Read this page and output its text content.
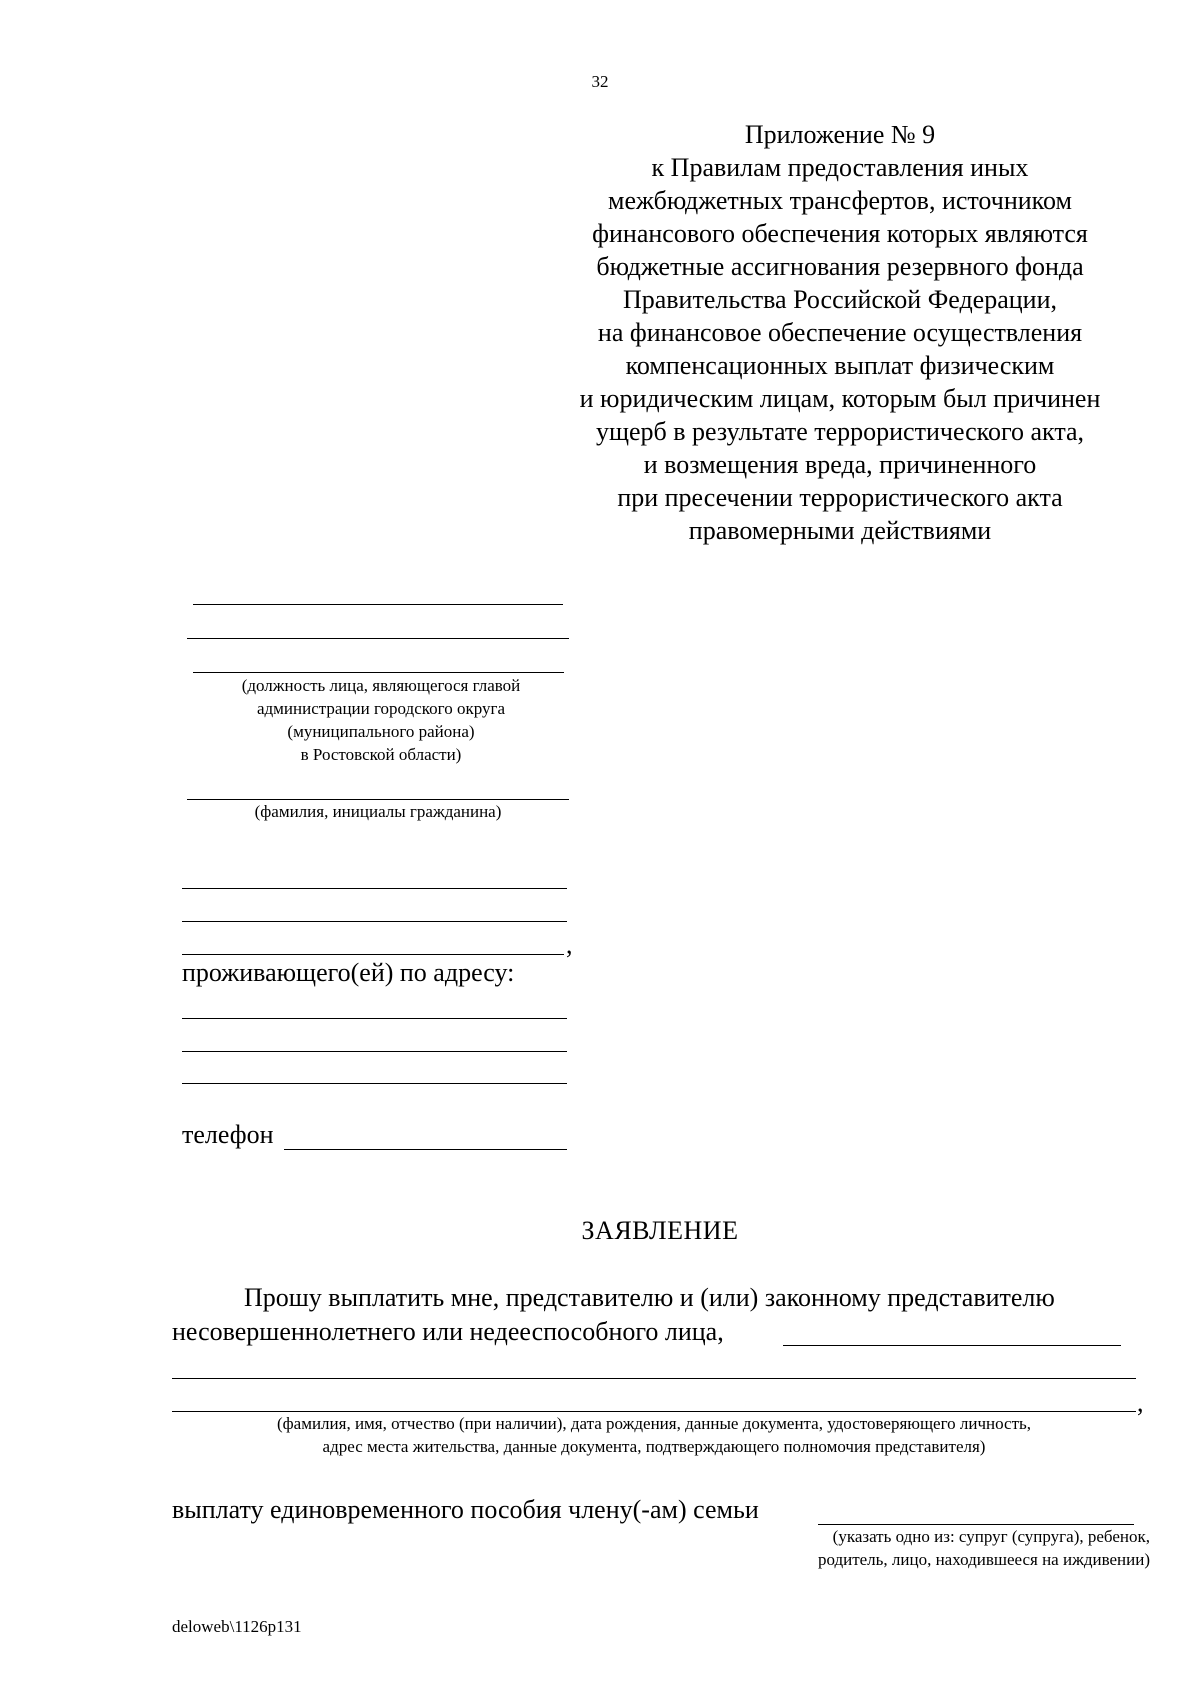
32
Приложение № 9
к Правилам предоставления иных
межбюджетных трансфертов, источником
финансового обеспечения которых являются
бюджетные ассигнования резервного фонда
Правительства Российской Федерации,
на финансовое обеспечение осуществления
компенсационных выплат физическим
и юридическим лицам, которым был причинен
ущерб в результате террористического акта,
и возмещения вреда, причиненного
при пресечении террористического акта
правомерными действиями
(должность лица, являющегося главой
администрации городского округа
(муниципального района)
в Ростовской области)
(фамилия, инициалы гражданина)
,
проживающего(ей) по адресу:
телефон
ЗАЯВЛЕНИЕ
Прошу выплатить мне, представителю и (или) законному представителю
несовершеннолетнего или недееспособного лица,
,
(фамилия, имя, отчество (при наличии), дата рождения, данные документа, удостоверяющего личность,
адрес места жительства, данные документа, подтверждающего полномочия представителя)
выплату единовременного пособия члену(-ам) семьи
(указать одно из: супруг (супруга), ребенок,
родитель, лицо, находившееся на иждивении)
deloweb\1126р131
